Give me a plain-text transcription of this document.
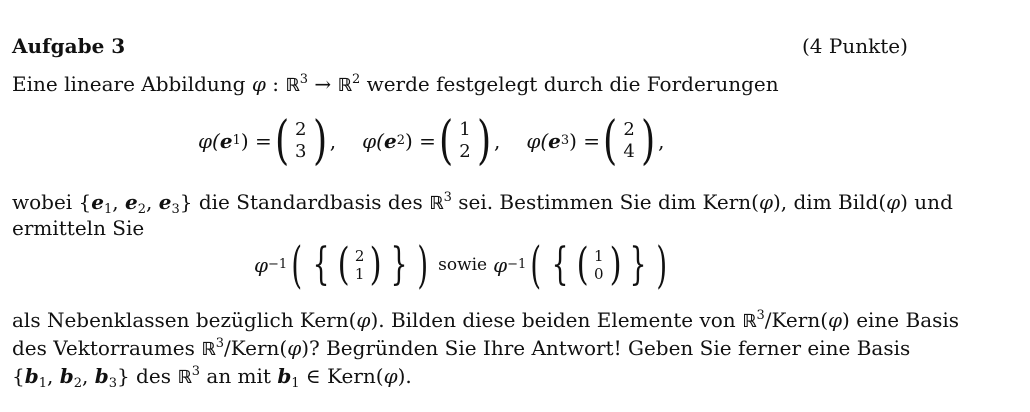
Aufgabe 3	(4 Punkte)
Eine lineare Abbildung φ : ℝ$^3$ → ℝ$^2$ werde festgelegt durch die Forderungen
φ( e 1 ) = ( 2
3 ) , φ( e 2 ) = ( 1
2 ) , φ( e 3 ) = ( 2
4 ) ,
wobei {$e_1$, $e_2$, $e_3$} die Standardbasis des ℝ$^3$ sei. Bestimmen Sie dim Kern(φ), dim Bild(φ) und
ermitteln Sie
φ −1 ( { ( 2
1 ) } ) sowie φ −1 ( { ( 1
0 ) } )
als Nebenklassen bezüglich Kern(φ). Bilden diese beiden Elemente von ℝ$^3$/Kern(φ) eine Basis
des Vektorraumes ℝ$^3$/Kern(φ)? Begründen Sie Ihre Antwort! Geben Sie ferner eine Basis
{$b_1$, $b_2$, $b_3$} des ℝ$^3$ an mit $b_1$ ∈ Kern(φ).
